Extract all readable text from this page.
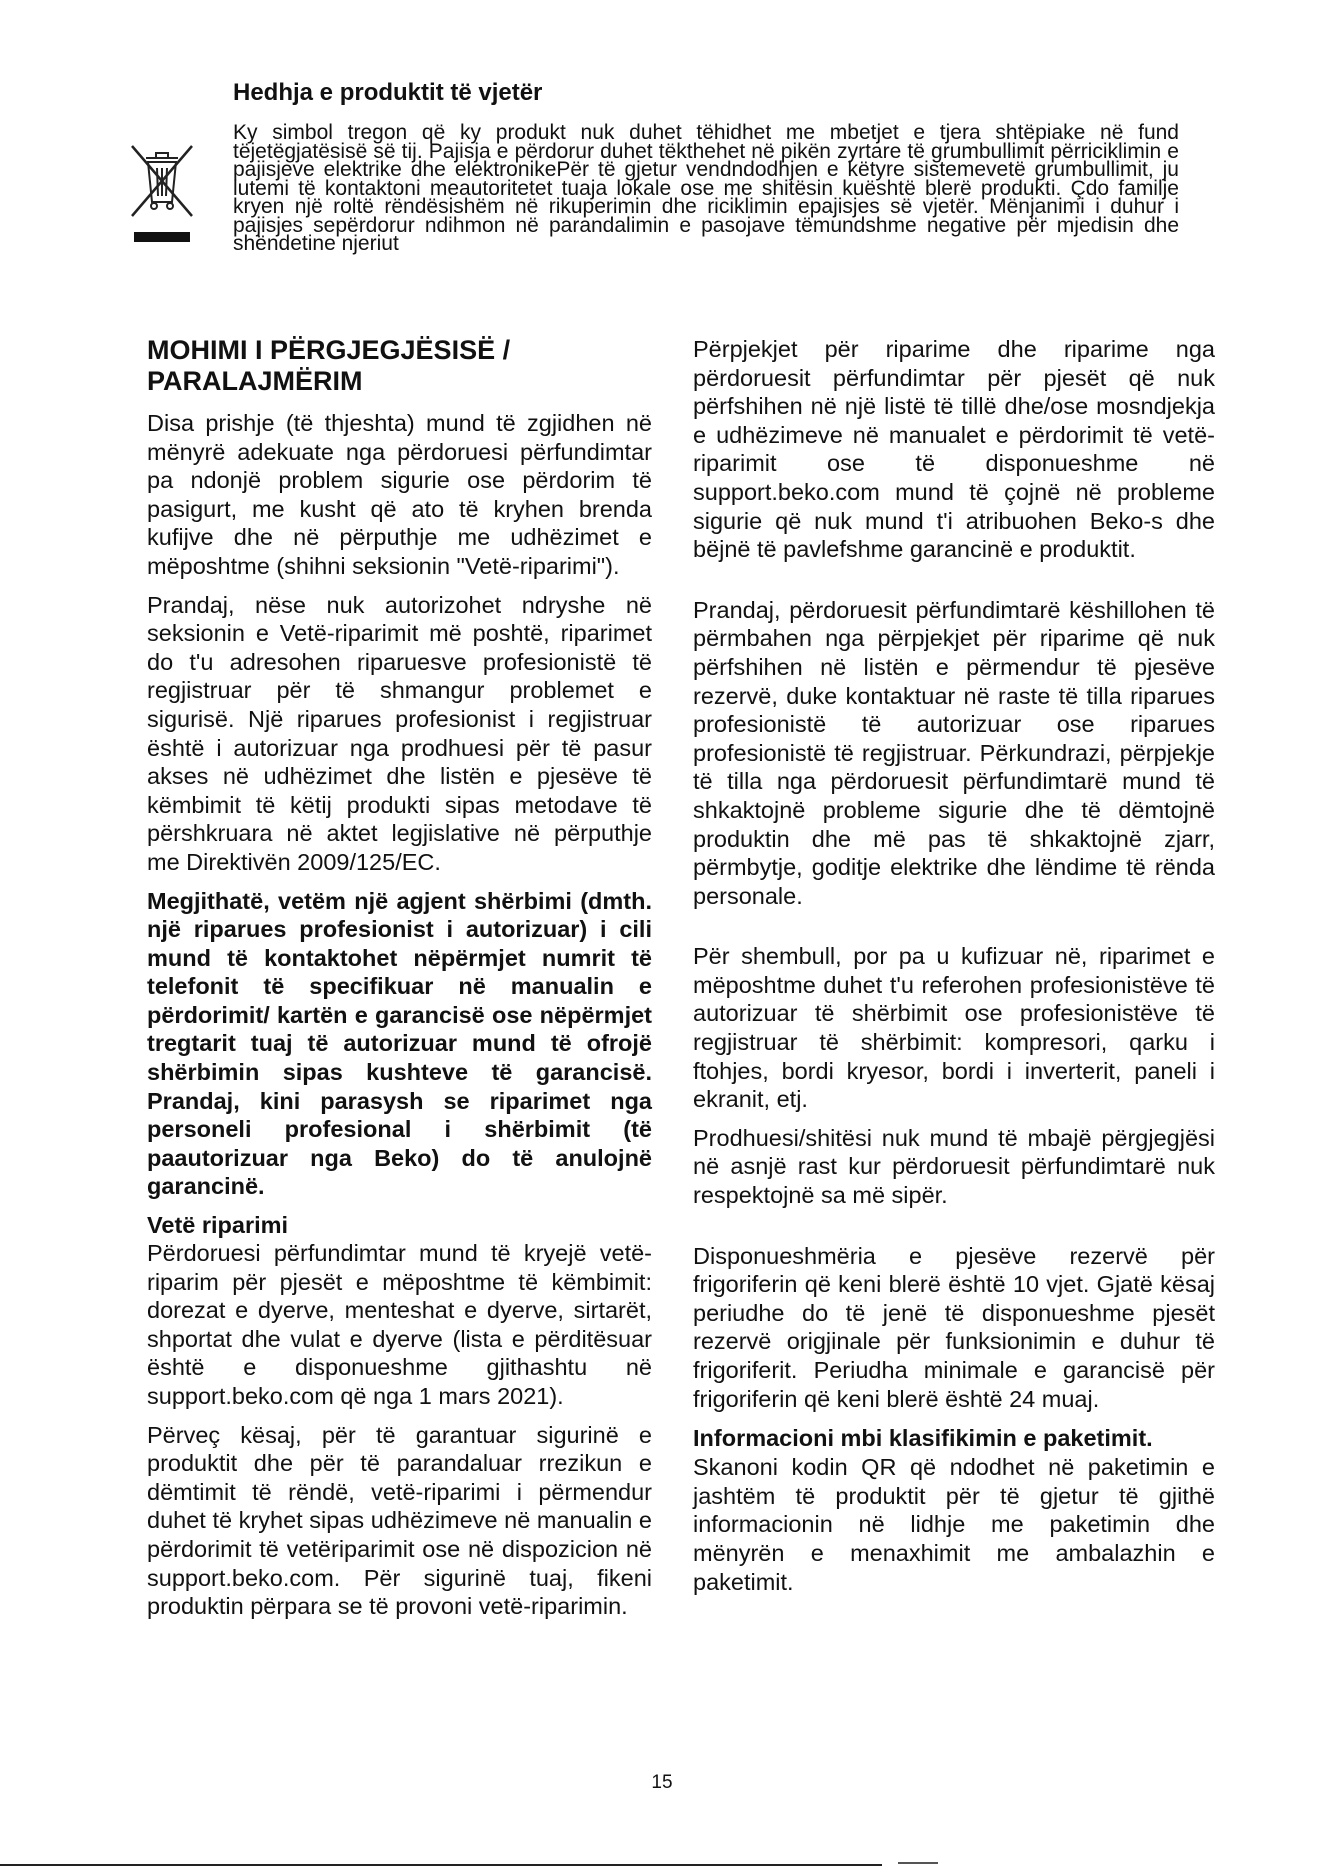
Hedhja e produktit të vjetër

Ky simbol tregon që ky produkt nuk duhet tëhidhet me mbetjet e tjera shtëpiake në fund tëjetëgjatësisë së tij. Pajisja e përdorur duhet tëkthehet në pikën zyrtare të grumbullimit përriciklimin e pajisjeve elektrike dhe elektronikePër të gjetur vendndodhjen e këtyre sistemevetë grumbullimit, ju lutemi të kontaktoni meautoritetet tuaja lokale ose me shitësin kuështë blerë produkti. Çdo familje kryen një roltë rëndësishëm në rikuperimin dhe riciklimin epajisjes së vjetër. Mënjanimi i duhur i pajisjes sepërdorur ndihmon në parandalimin e pasojave tëmundshme negative për mjedisin dhe shëndetine njeriut

MOHIMI I PËRGJEGJËSISË / PARALAJMËRIM

Disa prishje (të thjeshta) mund të zgjidhen në mënyrë adekuate nga përdoruesi përfundimtar pa ndonjë problem sigurie ose përdorim të pasigurt, me kusht që ato të kryhen brenda kufijve dhe në përputhje me udhëzimet e mëposhtme (shihni seksionin "Vetë-riparimi").

Prandaj, nëse nuk autorizohet ndryshe në seksionin e Vetë-riparimit më poshtë, riparimet do t'u adresohen riparuesve profesionistë të regjistruar për të shmangur problemet e sigurisë. Një riparues profesionist i regjistruar është i autorizuar nga prodhuesi për të pasur akses në udhëzimet dhe listën e pjesëve të këmbimit të këtij produkti sipas metodave të përshkruara në aktet legjislative në përputhje me Direktivën 2009/125/EC.

Megjithatë, vetëm një agjent shërbimi (dmth. një riparues profesionist i autorizuar) i cili mund të kontaktohet nëpërmjet numrit të telefonit të specifikuar në manualin e përdorimit/ kartën e garancisë ose nëpërmjet tregtarit tuaj të autorizuar mund të ofrojë shërbimin sipas kushteve të garancisë. Prandaj, kini parasysh se riparimet nga personeli profesional i shërbimit (të paautorizuar nga Beko) do të anulojnë garancinë.

Vetë riparimi

Përdoruesi përfundimtar mund të kryejë vetë-riparim për pjesët e mëposhtme të këmbimit: dorezat e dyerve, menteshat e dyerve, sirtarët, shportat dhe vulat e dyerve (lista e përditësuar është e disponueshme gjithashtu në support.beko.com që nga 1 mars 2021).

Përveç kësaj, për të garantuar sigurinë e produktit dhe për të parandaluar rrezikun e dëmtimit të rëndë, vetë-riparimi i përmendur duhet të kryhet sipas udhëzimeve në manualin e përdorimit të vetëriparimit ose në dispozicion në support.beko.com. Për sigurinë tuaj, fikeni produktin përpara se të provoni vetë-riparimin.

Përpjekjet për riparime dhe riparime nga përdoruesit përfundimtar për pjesët që nuk përfshihen në një listë të tillë dhe/ose mosndjekja e udhëzimeve në manualet e përdorimit të vetë-riparimit ose të disponueshme në support.beko.com mund të çojnë në probleme sigurie që nuk mund t'i atribuohen Beko-s dhe bëjnë të pavlefshme garancinë e produktit.

Prandaj, përdoruesit përfundimtarë këshillohen të përmbahen nga përpjekjet për riparime që nuk përfshihen në listën e përmendur të pjesëve rezervë, duke kontaktuar në raste të tilla riparues profesionistë të autorizuar ose riparues profesionistë të regjistruar. Përkundrazi, përpjekje të tilla nga përdoruesit përfundimtarë mund të shkaktojnë probleme sigurie dhe të dëmtojnë produktin dhe më pas të shkaktojnë zjarr, përmbytje, goditje elektrike dhe lëndime të rënda personale.

Për shembull, por pa u kufizuar në, riparimet e mëposhtme duhet t'u referohen profesionistëve të autorizuar të shërbimit ose profesionistëve të regjistruar të shërbimit: kompresori, qarku i ftohjes, bordi kryesor, bordi i inverterit, paneli i ekranit, etj.

Prodhuesi/shitësi nuk mund të mbajë përgjegjësi në asnjë rast kur përdoruesit përfundimtarë nuk respektojnë sa më sipër.

Disponueshmëria e pjesëve rezervë për frigoriferin që keni blerë është 10 vjet. Gjatë kësaj periudhe do të jenë të disponueshme pjesët rezervë origjinale për funksionimin e duhur të frigoriferit. Periudha minimale e garancisë për frigoriferin që keni blerë është 24 muaj.

Informacioni mbi klasifikimin e paketimit.

Skanoni kodin QR që ndodhet në paketimin e jashtëm të produktit për të gjetur të gjithë informacionin në lidhje me paketimin dhe mënyrën e menaxhimit me ambalazhin e paketimit.

15
